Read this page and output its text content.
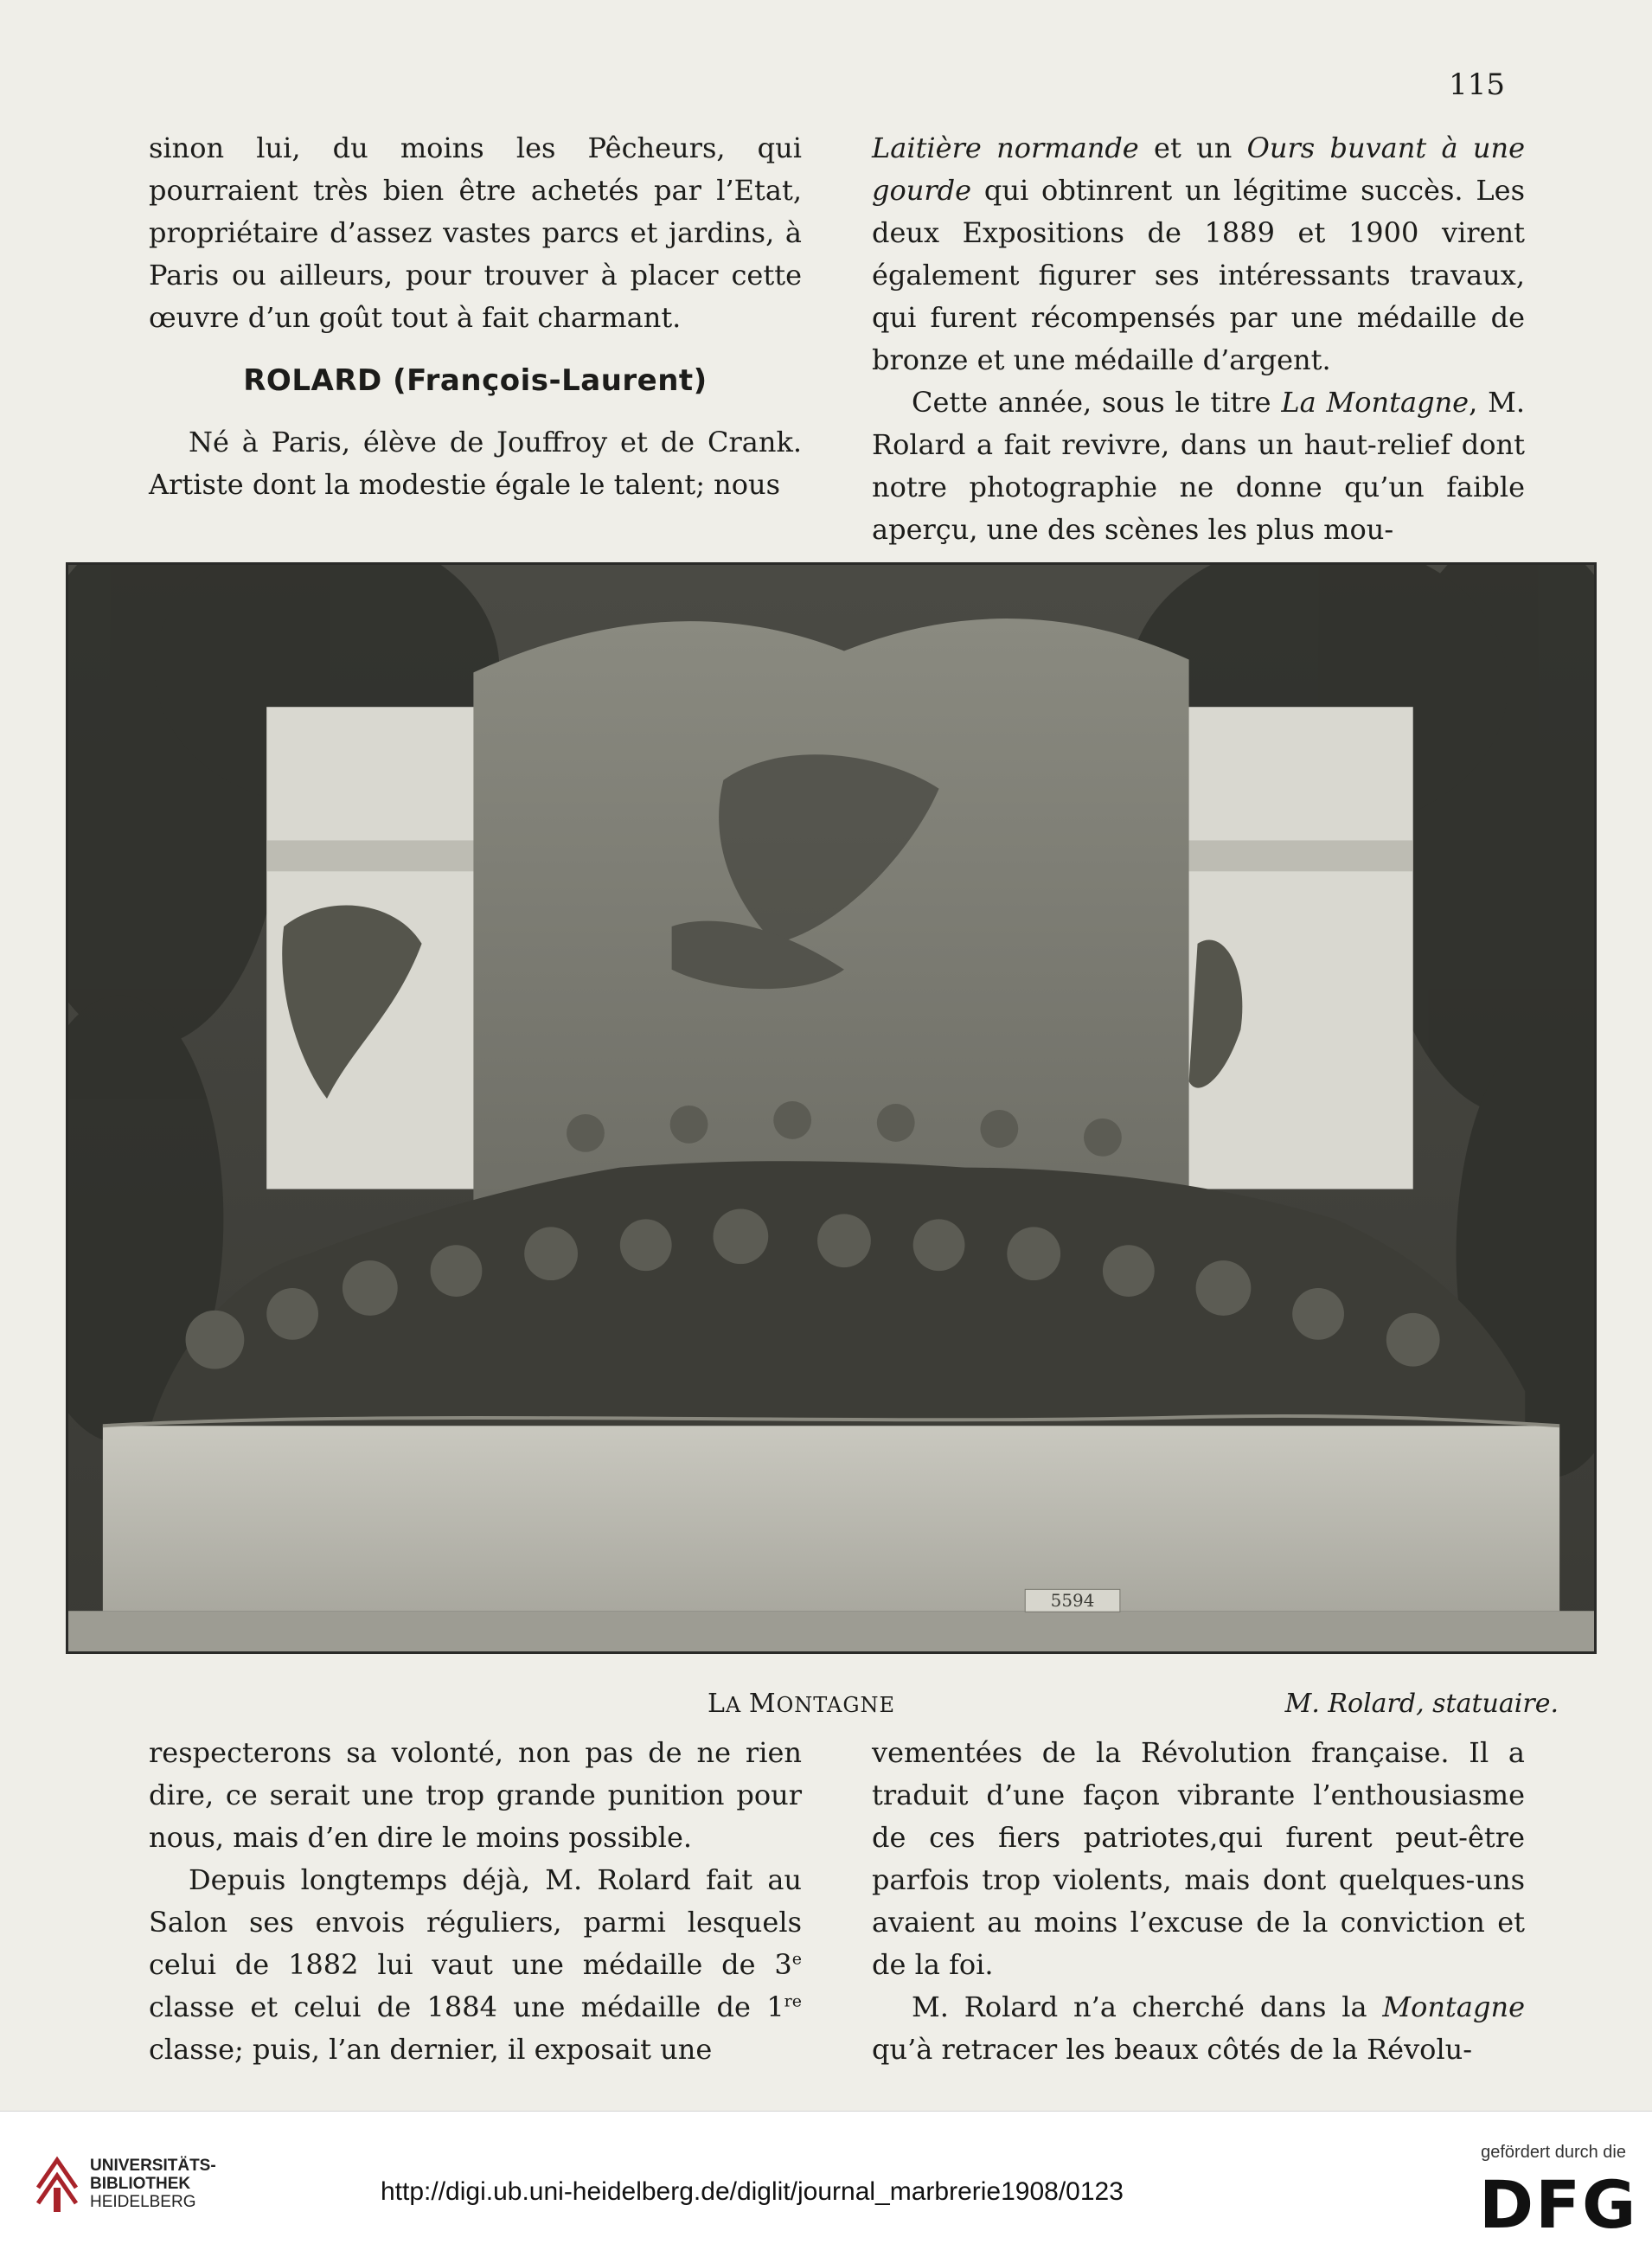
115

sinon lui, du moins les Pêcheurs, qui pourraient très bien être achetés par l’Etat, propriétaire d’assez vastes parcs et jardins, à Paris ou ailleurs, pour trouver à placer cette œuvre d’un goût tout à fait charmant.

ROLARD (François-Laurent)

Né à Paris, élève de Jouffroy et de Crank. Artiste dont la modestie égale le talent; nous

Laitière normande et un Ours buvant à une gourde qui obtinrent un légitime succès. Les deux Expositions de 1889 et 1900 virent également figurer ses intéressants travaux, qui furent récompensés par une médaille de bronze et une médaille d’argent.

Cette année, sous le titre La Montagne, M. Rolard a fait revivre, dans un haut-relief dont notre photographie ne donne qu’un faible aperçu, une des scènes les plus mou-

5594
LA MONTAGNE	M. Rolard, statuaire.

respecterons sa volonté, non pas de ne rien dire, ce serait une trop grande punition pour nous, mais d’en dire le moins possible.

Depuis longtemps déjà, M. Rolard fait au Salon ses envois réguliers, parmi lesquels celui de 1882 lui vaut une médaille de 3e classe et celui de 1884 une médaille de 1re classe; puis, l’an dernier, il exposait une

vementées de la Révolution française. Il a traduit d’une façon vibrante l’enthousiasme de ces fiers patriotes,qui furent peut-être parfois trop violents, mais dont quelques-uns avaient au moins l’excuse de la conviction et de la foi.

M. Rolard n’a cherché dans la Montagne qu’à retracer les beaux côtés de la Révolu-

UNIVERSITÄTS-
BIBLIOTHEK
HEIDELBERG	http://digi.ub.uni-heidelberg.de/diglit/journal_marbrerie1908/0123
gefördert durch die
DFG
